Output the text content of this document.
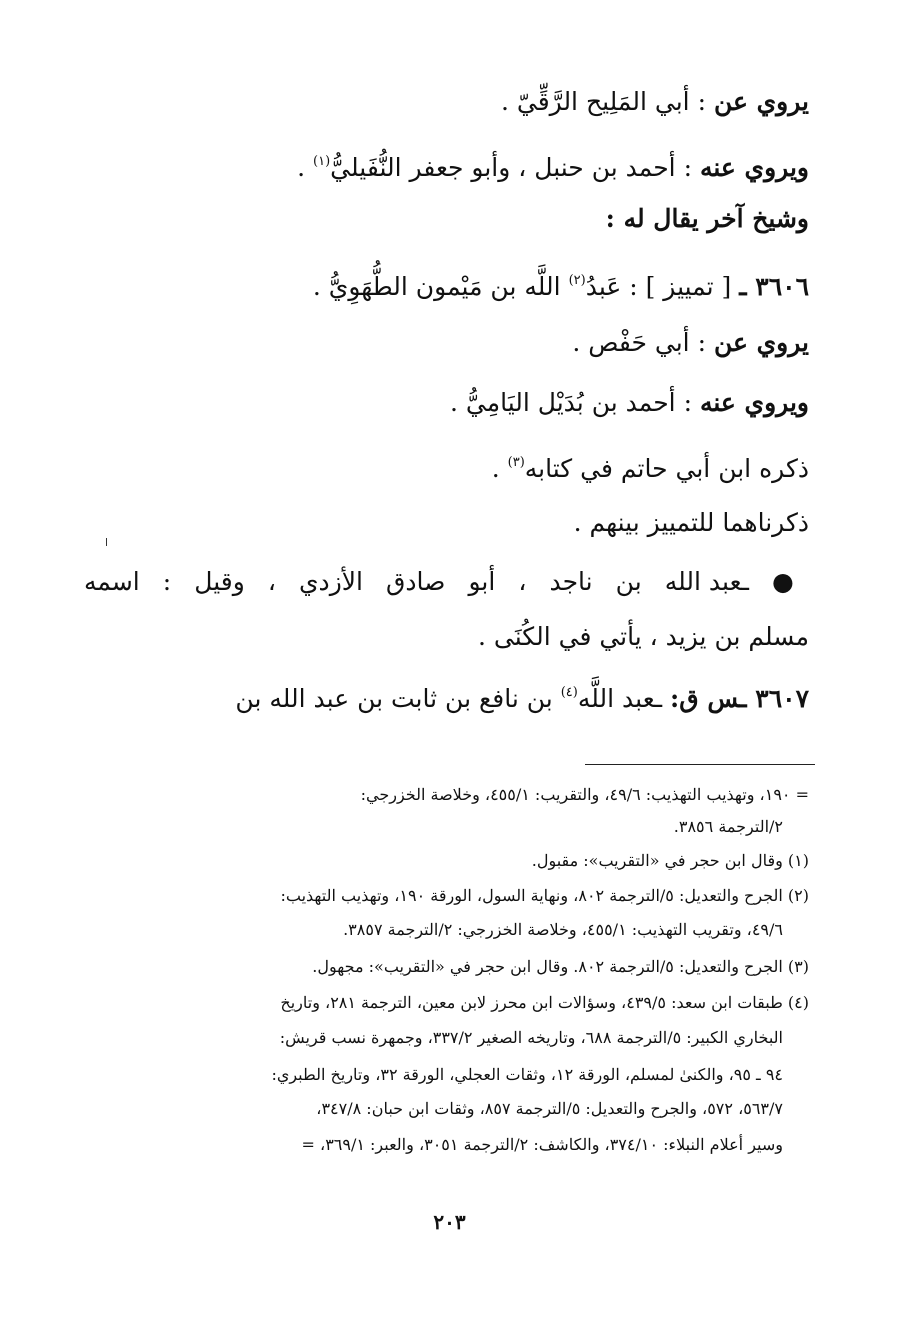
يروي عن : أبي المَلِيح الرَّقِّيّ .
ويروي عنه : أحمد بن حنبل ، وأبو جعفر النُّفَيليُّ$^{(١)}$ .
وشيخ آخر يقال له :
٣٦٠٦ ـ [ تمييز ] : عَبدُ$^{(٢)}$ اللَّه بن مَيْمون الطُّهَوِيُّ .
يروي عن : أبي حَفْص .
ويروي عنه : أحمد بن بُدَيْل اليَامِيُّ .
ذكره ابن أبي حاتم في كتابه$^{(٣)}$ .
ذكرناهما للتمييز بينهم .
● ـعبد الله بن ناجد ، أبو صادق الأزدي ، وقيل : اسمه
مسلم بن يزيد ، يأتي في الكُنَى .
٣٦٠٧ ـس ق: ـعبد اللَّه$^{(٤)}$ بن نافع بن ثابت بن عبد الله بن
= ١٩٠، وتهذيب التهذيب: ٤٩/٦، والتقريب: ٤٥٥/١، وخلاصة الخزرجي:
٢/الترجمة ٣٨٥٦.
(١) وقال ابن حجر في «التقريب»: مقبول.
(٢) الجرح والتعديل: ٥/الترجمة ٨٠٢، ونهاية السول، الورقة ١٩٠، وتهذيب التهذيب:
٤٩/٦، وتقريب التهذيب: ٤٥٥/١، وخلاصة الخزرجي: ٢/الترجمة ٣٨٥٧.
(٣) الجرح والتعديل: ٥/الترجمة ٨٠٢. وقال ابن حجر في «التقريب»: مجهول.
(٤) طبقات ابن سعد: ٤٣٩/٥، وسؤالات ابن محرز لابن معين، الترجمة ٢٨١، وتاريخ
البخاري الكبير: ٥/الترجمة ٦٨٨، وتاريخه الصغير ٣٣٧/٢، وجمهرة نسب قريش:
٩٤ ـ ٩٥، والكنىٰ لمسلم، الورقة ١٢، وثقات العجلي، الورقة ٣٢، وتاريخ الطبري:
٥٦٣/٧، ٥٧٢، والجرح والتعديل: ٥/الترجمة ٨٥٧، وثقات ابن حبان: ٣٤٧/٨،
وسير أعلام النبلاء: ٣٧٤/١٠، والكاشف: ٢/الترجمة ٣٠٥١، والعبر: ٣٦٩/١، =
٢٠٣
